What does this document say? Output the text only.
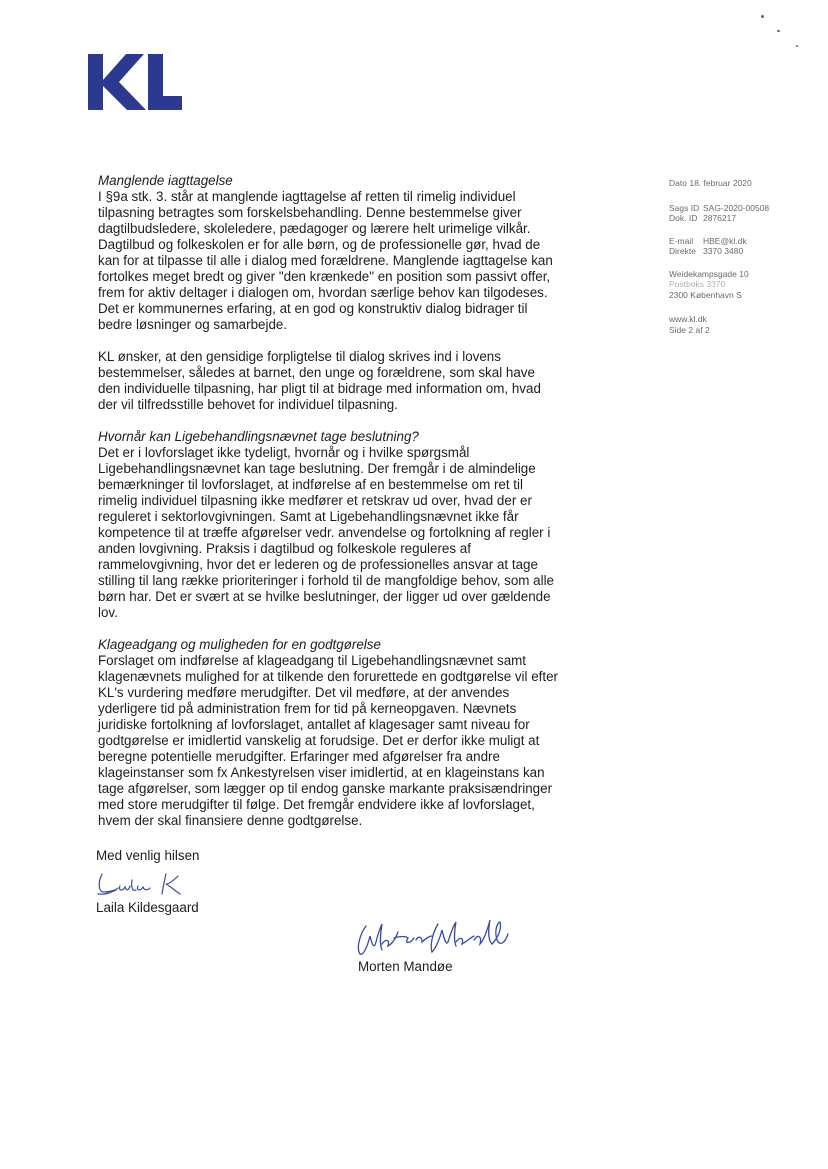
Manglende iagttagelse

I §9a stk. 3. står at manglende iagttagelse af retten til rimelig individuel tilpasning betragtes som forskelsbehandling. Denne bestemmelse giver dagtilbudsledere, skoleledere, pædagoger og lærere helt urimelige vilkår. Dagtilbud og folkeskolen er for alle børn, og de professionelle gør, hvad de kan for at tilpasse til alle i dialog med forældrene. Manglende iagttagelse kan fortolkes meget bredt og giver "den krænkede" en position som passivt offer, frem for aktiv deltager i dialogen om, hvordan særlige behov kan tilgodeses. Det er kommunernes erfaring, at en god og konstruktiv dialog bidrager til bedre løsninger og samarbejde.

KL ønsker, at den gensidige forpligtelse til dialog skrives ind i lovens bestemmelser, således at barnet, den unge og forældrene, som skal have den individuelle tilpasning, har pligt til at bidrage med information om, hvad der vil tilfredsstille behovet for individuel tilpasning.

Hvornår kan Ligebehandlingsnævnet tage beslutning?

Det er i lovforslaget ikke tydeligt, hvornår og i hvilke spørgsmål Ligebehandlingsnævnet kan tage beslutning. Der fremgår i de almindelige bemærkninger til lovforslaget, at indførelse af en bestemmelse om ret til rimelig individuel tilpasning ikke medfører et retskrav ud over, hvad der er reguleret i sektorlovgivningen. Samt at Ligebehandlingsnævnet ikke får kompetence til at træffe afgørelser vedr. anvendelse og fortolkning af regler i anden lovgivning. Praksis i dagtilbud og folkeskole reguleres af rammelovgivning, hvor det er lederen og de professionelles ansvar at tage stilling til lang række prioriteringer i forhold til de mangfoldige behov, som alle børn har. Det er svært at se hvilke beslutninger, der ligger ud over gældende lov.

Klageadgang og muligheden for en godtgørelse

Forslaget om indførelse af klageadgang til Ligebehandlingsnævnet samt klagenævnets mulighed for at tilkende den forurettede en godtgørelse vil efter KL's vurdering medføre merudgifter. Det vil medføre, at der anvendes yderligere tid på administration frem for tid på kerneopgaven. Nævnets juridiske fortolkning af lovforslaget, antallet af klagesager samt niveau for godtgørelse er imidlertid vanskelig at forudsige. Det er derfor ikke muligt at beregne potentielle merudgifter. Erfaringer med afgørelser fra andre klageinstanser som fx Ankestyrelsen viser imidlertid, at en klageinstans kan tage afgørelser, som lægger op til endog ganske markante praksisændringer med store merudgifter til følge. Det fremgår endvidere ikke af lovforslaget, hvem der skal finansiere denne godtgørelse.

Dato 18. februar 2020
Sags ID SAG-2020-00508
Dok. ID 2876217
E-mail HBE@kl.dk
Direkte 3370 3480
Weidekampsgade 10
Postboks 3370
2300 København S
www.kl.dk
Side 2 af 2
Med venlig hilsen
Laila Kildesgaard
Morten Mandøe
